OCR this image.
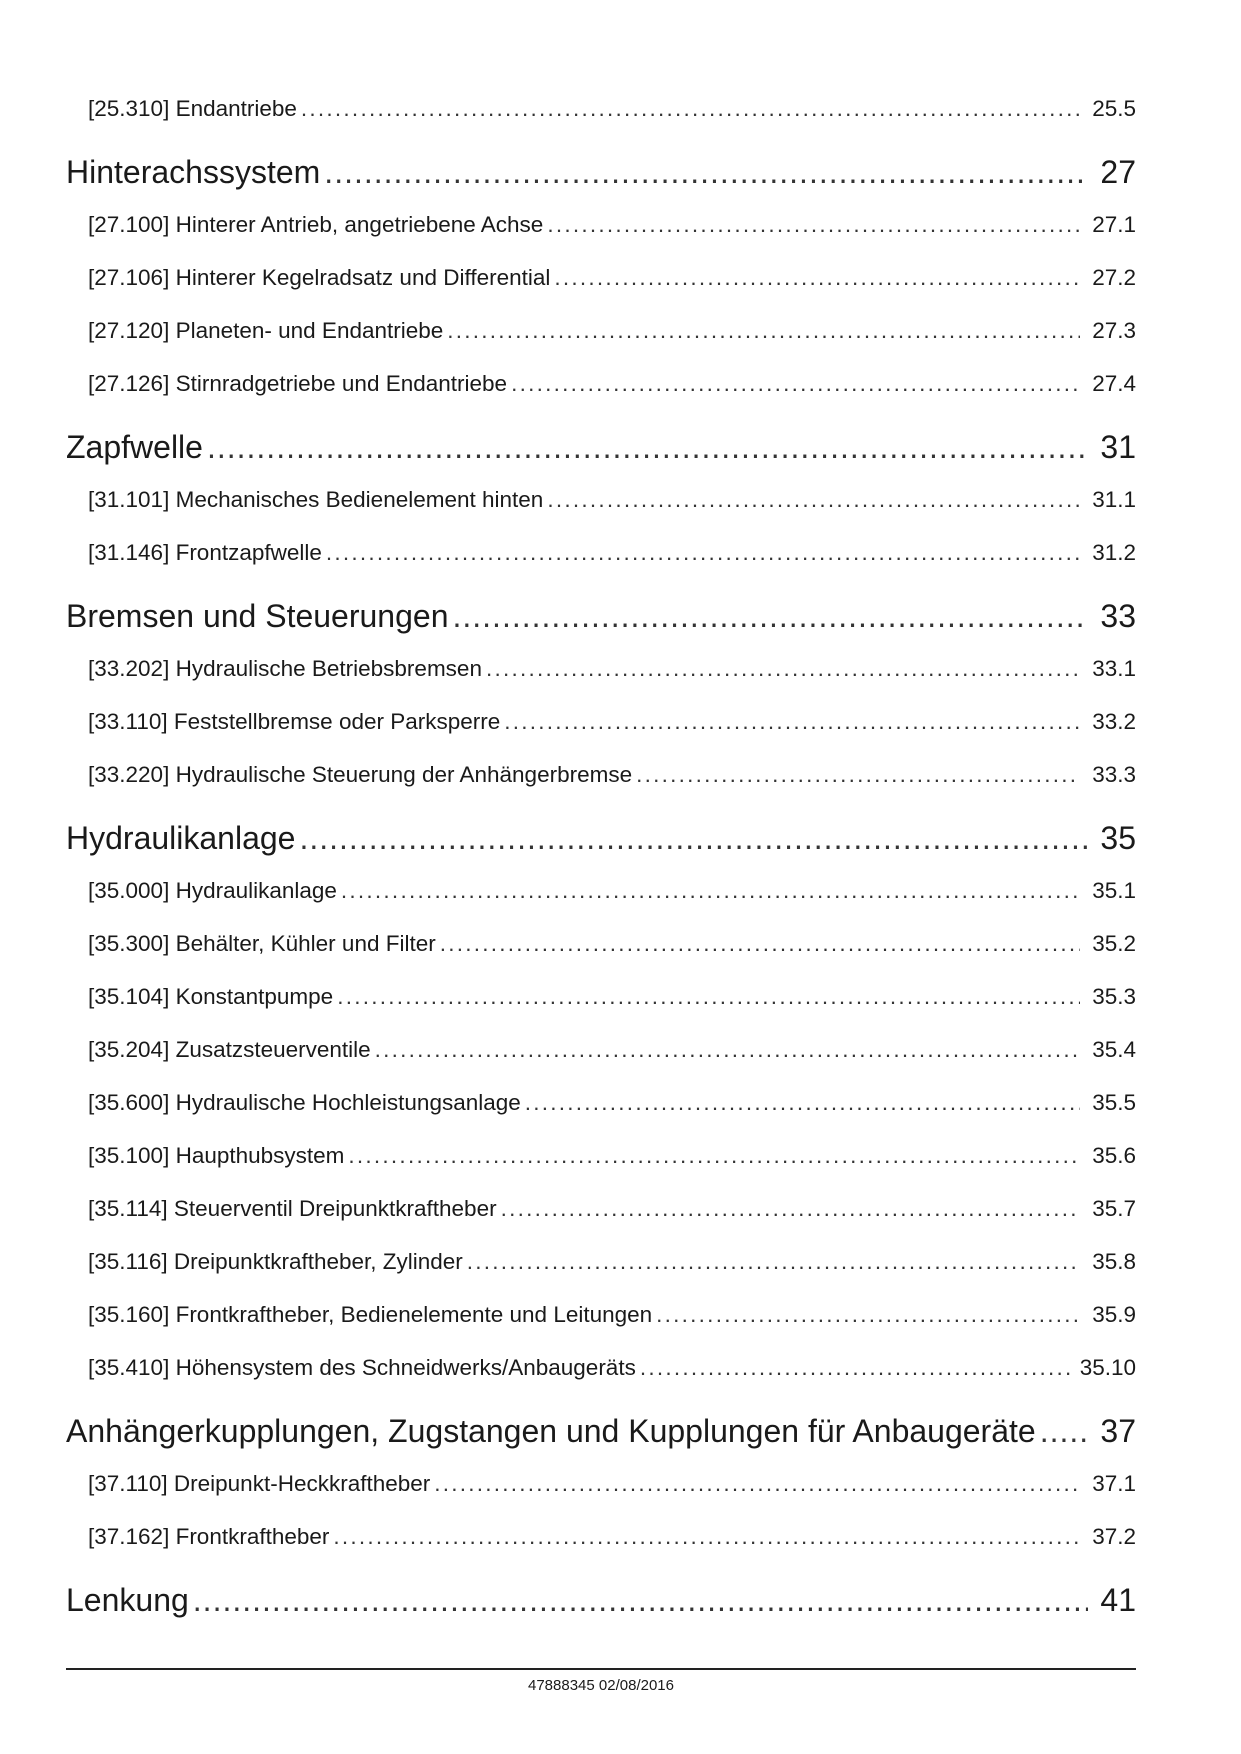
[25.310] Endantriebe . . .	25.5
Hinterachssystem .....	27
[27.100] Hinterer Antrieb, angetriebene Achse . . .	27.1
[27.106] Hinterer Kegelradsatz und Differential . . .	27.2
[27.120] Planeten- und Endantriebe . . .	27.3
[27.126] Stirnradgetriebe und Endantriebe . . .	27.4
Zapfwelle .....	31
[31.101] Mechanisches Bedienelement hinten . . .	31.1
[31.146] Frontzapfwelle . . .	31.2
Bremsen und Steuerungen .....	33
[33.202] Hydraulische Betriebsbremsen . . .	33.1
[33.110] Feststellbremse oder Parksperre . . .	33.2
[33.220] Hydraulische Steuerung der Anhängerbremse . . .	33.3
Hydraulikanlage .....	35
[35.000] Hydraulikanlage . . .	35.1
[35.300] Behälter, Kühler und Filter . . .	35.2
[35.104] Konstantpumpe . . .	35.3
[35.204] Zusatzsteuerventile . . .	35.4
[35.600] Hydraulische Hochleistungsanlage . . .	35.5
[35.100] Haupthubsystem . . .	35.6
[35.114] Steuerventil Dreipunktkraftheber . . .	35.7
[35.116] Dreipunktkraftheber, Zylinder . . .	35.8
[35.160] Frontkraftheber, Bedienelemente und Leitungen . . .	35.9
[35.410] Höhensystem des Schneidwerks/Anbaugeräts . . .	35.10
Anhängerkupplungen, Zugstangen und Kupplungen für Anbaugeräte ..... 37
[37.110] Dreipunkt-Heckkraftheber . . .	37.1
[37.162] Frontkraftheber . . .	37.2
Lenkung .....	41
47888345 02/08/2016
